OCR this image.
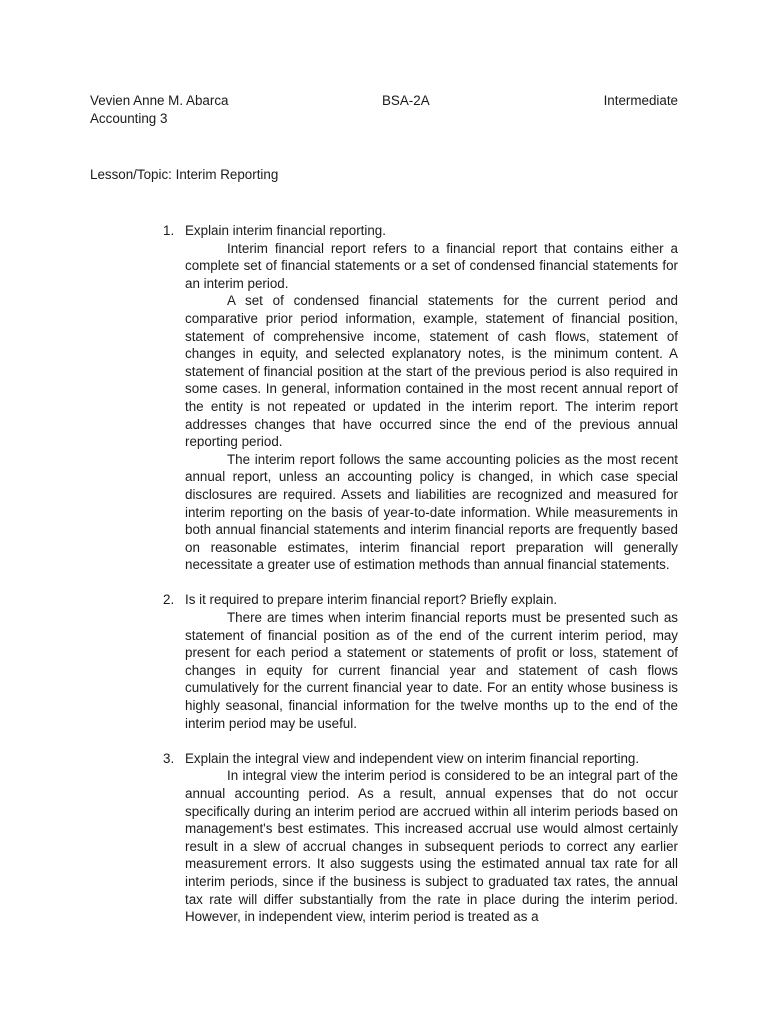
Vevien Anne M. Abarca	BSA-2A	Intermediate
Accounting 3
Lesson/Topic: Interim Reporting
1. Explain interim financial reporting.

Interim financial report refers to a financial report that contains either a complete set of financial statements or a set of condensed financial statements for an interim period.

A set of condensed financial statements for the current period and comparative prior period information, example, statement of financial position, statement of comprehensive income, statement of cash flows, statement of changes in equity, and selected explanatory notes, is the minimum content. A statement of financial position at the start of the previous period is also required in some cases. In general, information contained in the most recent annual report of the entity is not repeated or updated in the interim report. The interim report addresses changes that have occurred since the end of the previous annual reporting period.

The interim report follows the same accounting policies as the most recent annual report, unless an accounting policy is changed, in which case special disclosures are required. Assets and liabilities are recognized and measured for interim reporting on the basis of year-to-date information. While measurements in both annual financial statements and interim financial reports are frequently based on reasonable estimates, interim financial report preparation will generally necessitate a greater use of estimation methods than annual financial statements.

2. Is it required to prepare interim financial report? Briefly explain.

There are times when interim financial reports must be presented such as statement of financial position as of the end of the current interim period, may present for each period a statement or statements of profit or loss, statement of changes in equity for current financial year and statement of cash flows cumulatively for the current financial year to date. For an entity whose business is highly seasonal, financial information for the twelve months up to the end of the interim period may be useful.

3. Explain the integral view and independent view on interim financial reporting.

In integral view the interim period is considered to be an integral part of the annual accounting period. As a result, annual expenses that do not occur specifically during an interim period are accrued within all interim periods based on management's best estimates. This increased accrual use would almost certainly result in a slew of accrual changes in subsequent periods to correct any earlier measurement errors. It also suggests using the estimated annual tax rate for all interim periods, since if the business is subject to graduated tax rates, the annual tax rate will differ substantially from the rate in place during the interim period. However, in independent view, interim period is treated as a
